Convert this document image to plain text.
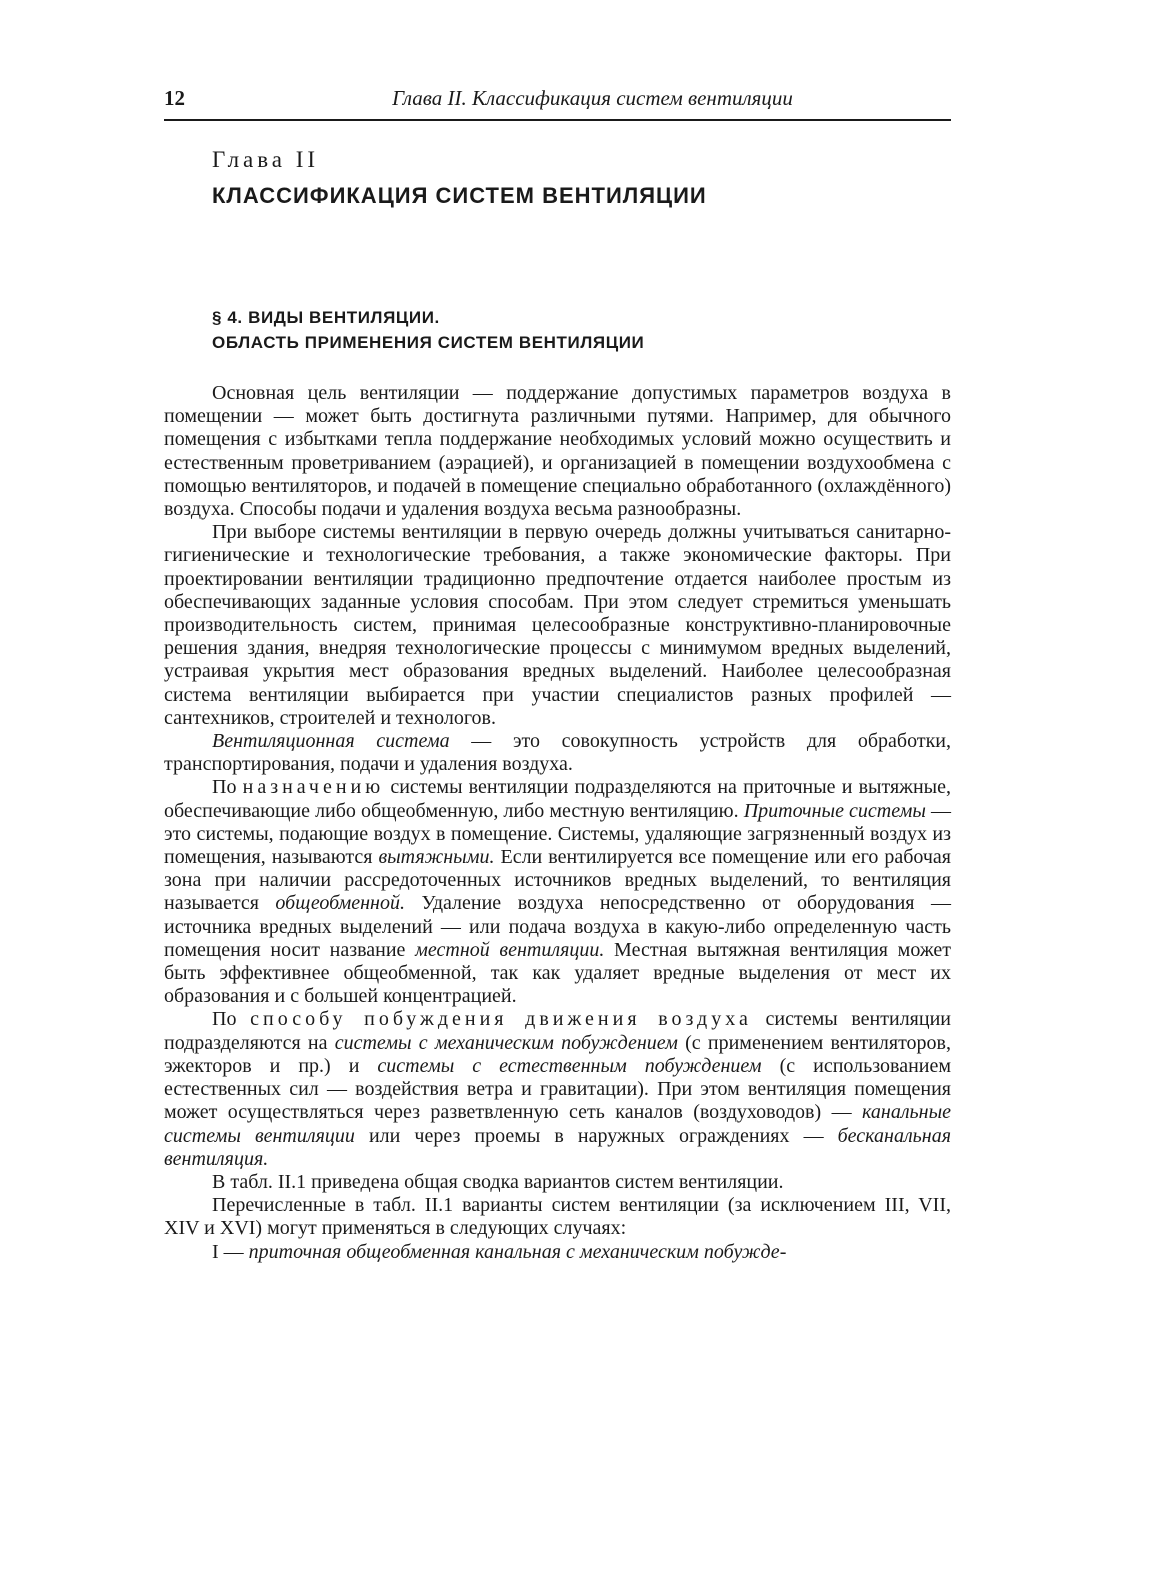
12	Глава II. Классификация систем вентиляции
Глава II
КЛАССИФИКАЦИЯ СИСТЕМ ВЕНТИЛЯЦИИ
§ 4. ВИДЫ ВЕНТИЛЯЦИИ.
ОБЛАСТЬ ПРИМЕНЕНИЯ СИСТЕМ ВЕНТИЛЯЦИИ

Основная цель вентиляции — поддержание допустимых параметров воздуха в помещении — может быть достигнута различными путями. Например, для обычного помещения с избытками тепла поддержание необходимых условий можно осуществить и естественным проветриванием (аэрацией), и организацией в помещении воздухообмена с помощью вентиляторов, и подачей в помещение специально обработанного (охлаждённого) воздуха. Способы подачи и удаления воздуха весьма разнообразны.

При выборе системы вентиляции в первую очередь должны учитываться санитарно-гигиенические и технологические требования, а также экономические факторы. При проектировании вентиляции традиционно предпочтение отдается наиболее простым из обеспечивающих заданные условия способам. При этом следует стремиться уменьшать производительность систем, принимая целесообразные конструктивно-планировочные решения здания, внедряя технологические процессы с минимумом вредных выделений, устраивая укрытия мест образования вредных выделений. Наиболее целесообразная система вентиляции выбирается при участии специалистов разных профилей — сантехников, строителей и технологов.

Вентиляционная система — это совокупность устройств для обработки, транспортирования, подачи и удаления воздуха.

По назначению системы вентиляции подразделяются на приточные и вытяжные, обеспечивающие либо общеобменную, либо местную вентиляцию. Приточные системы — это системы, подающие воздух в помещение. Системы, удаляющие загрязненный воздух из помещения, называются вытяжными. Если вентилируется все помещение или его рабочая зона при наличии рассредоточенных источников вредных выделений, то вентиляция называется общеобменной. Удаление воздуха непосредственно от оборудования — источника вредных выделений — или подача воздуха в какую-либо определенную часть помещения носит название местной вентиляции. Местная вытяжная вентиляция может быть эффективнее общеобменной, так как удаляет вредные выделения от мест их образования и с большей концентрацией.

По способу побуждения движения воздуха системы вентиляции подразделяются на системы с механическим побуждением (с применением вентиляторов, эжекторов и пр.) и системы с естественным побуждением (с использованием естественных сил — воздействия ветра и гравитации). При этом вентиляция помещения может осуществляться через разветвленную сеть каналов (воздуховодов) — канальные системы вентиляции или через проемы в наружных ограждениях — бесканальная вентиляция.

В табл. II.1 приведена общая сводка вариантов систем вентиляции.

Перечисленные в табл. II.1 варианты систем вентиляции (за исключением III, VII, XIV и XVI) могут применяться в следующих случаях:

I — приточная общеобменная канальная с механическим побужде-
